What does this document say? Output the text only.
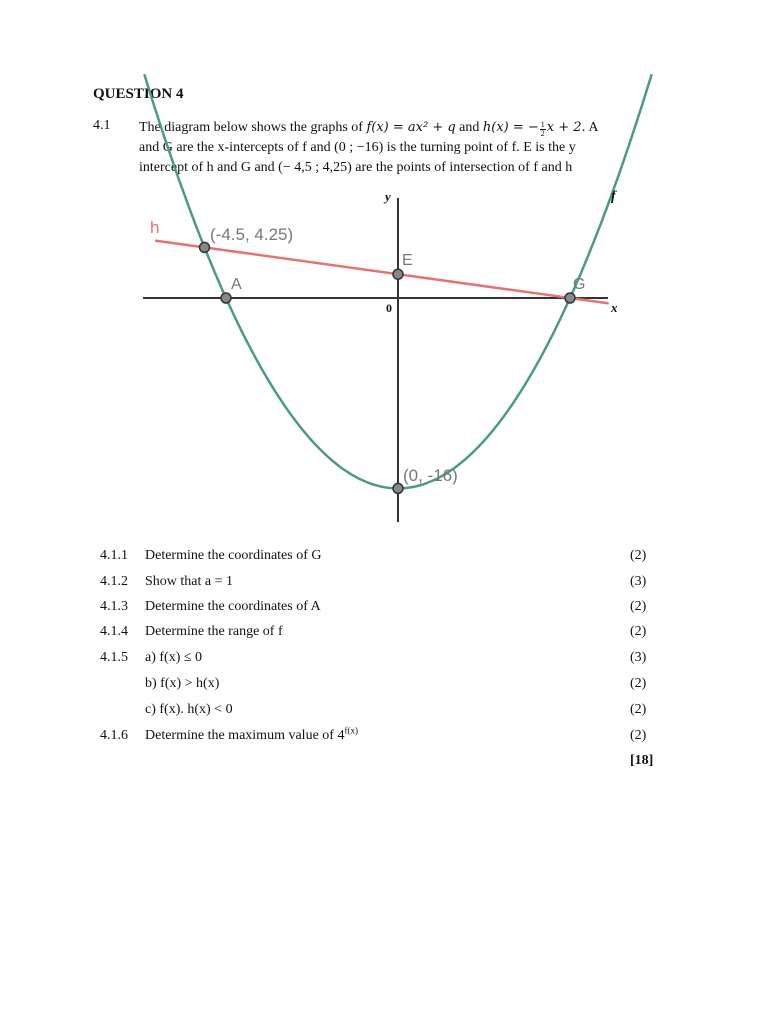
QUESTION 4
4.1 The diagram below shows the graphs of f(x) = ax² + q and h(x) = − $\frac{1}{2}$ x + 2. A
and G are the x-intercepts of f and (0 ; −16) is the turning point of f. E is the y
intercept of h and G and (− 4,5 ; 4,25) are the points of intersection of f and h
h
f
y
x
0
(-4.5, 4.25)
E
A	G
(0, -16)
4.1.1 Determine the coordinates of G	(2)
4.1.2 Show that a = 1	(3)
4.1.3 Determine the coordinates of A	(2)
4.1.4 Determine the range of f	(2)
4.1.5 a) f(x) ≤ 0	(3)
b) f(x) > h(x)	(2)
c) f(x). h(x) < 0	(2)
4.1.6 Determine the maximum value of $4^{f(x)}$	(2)
[18]
